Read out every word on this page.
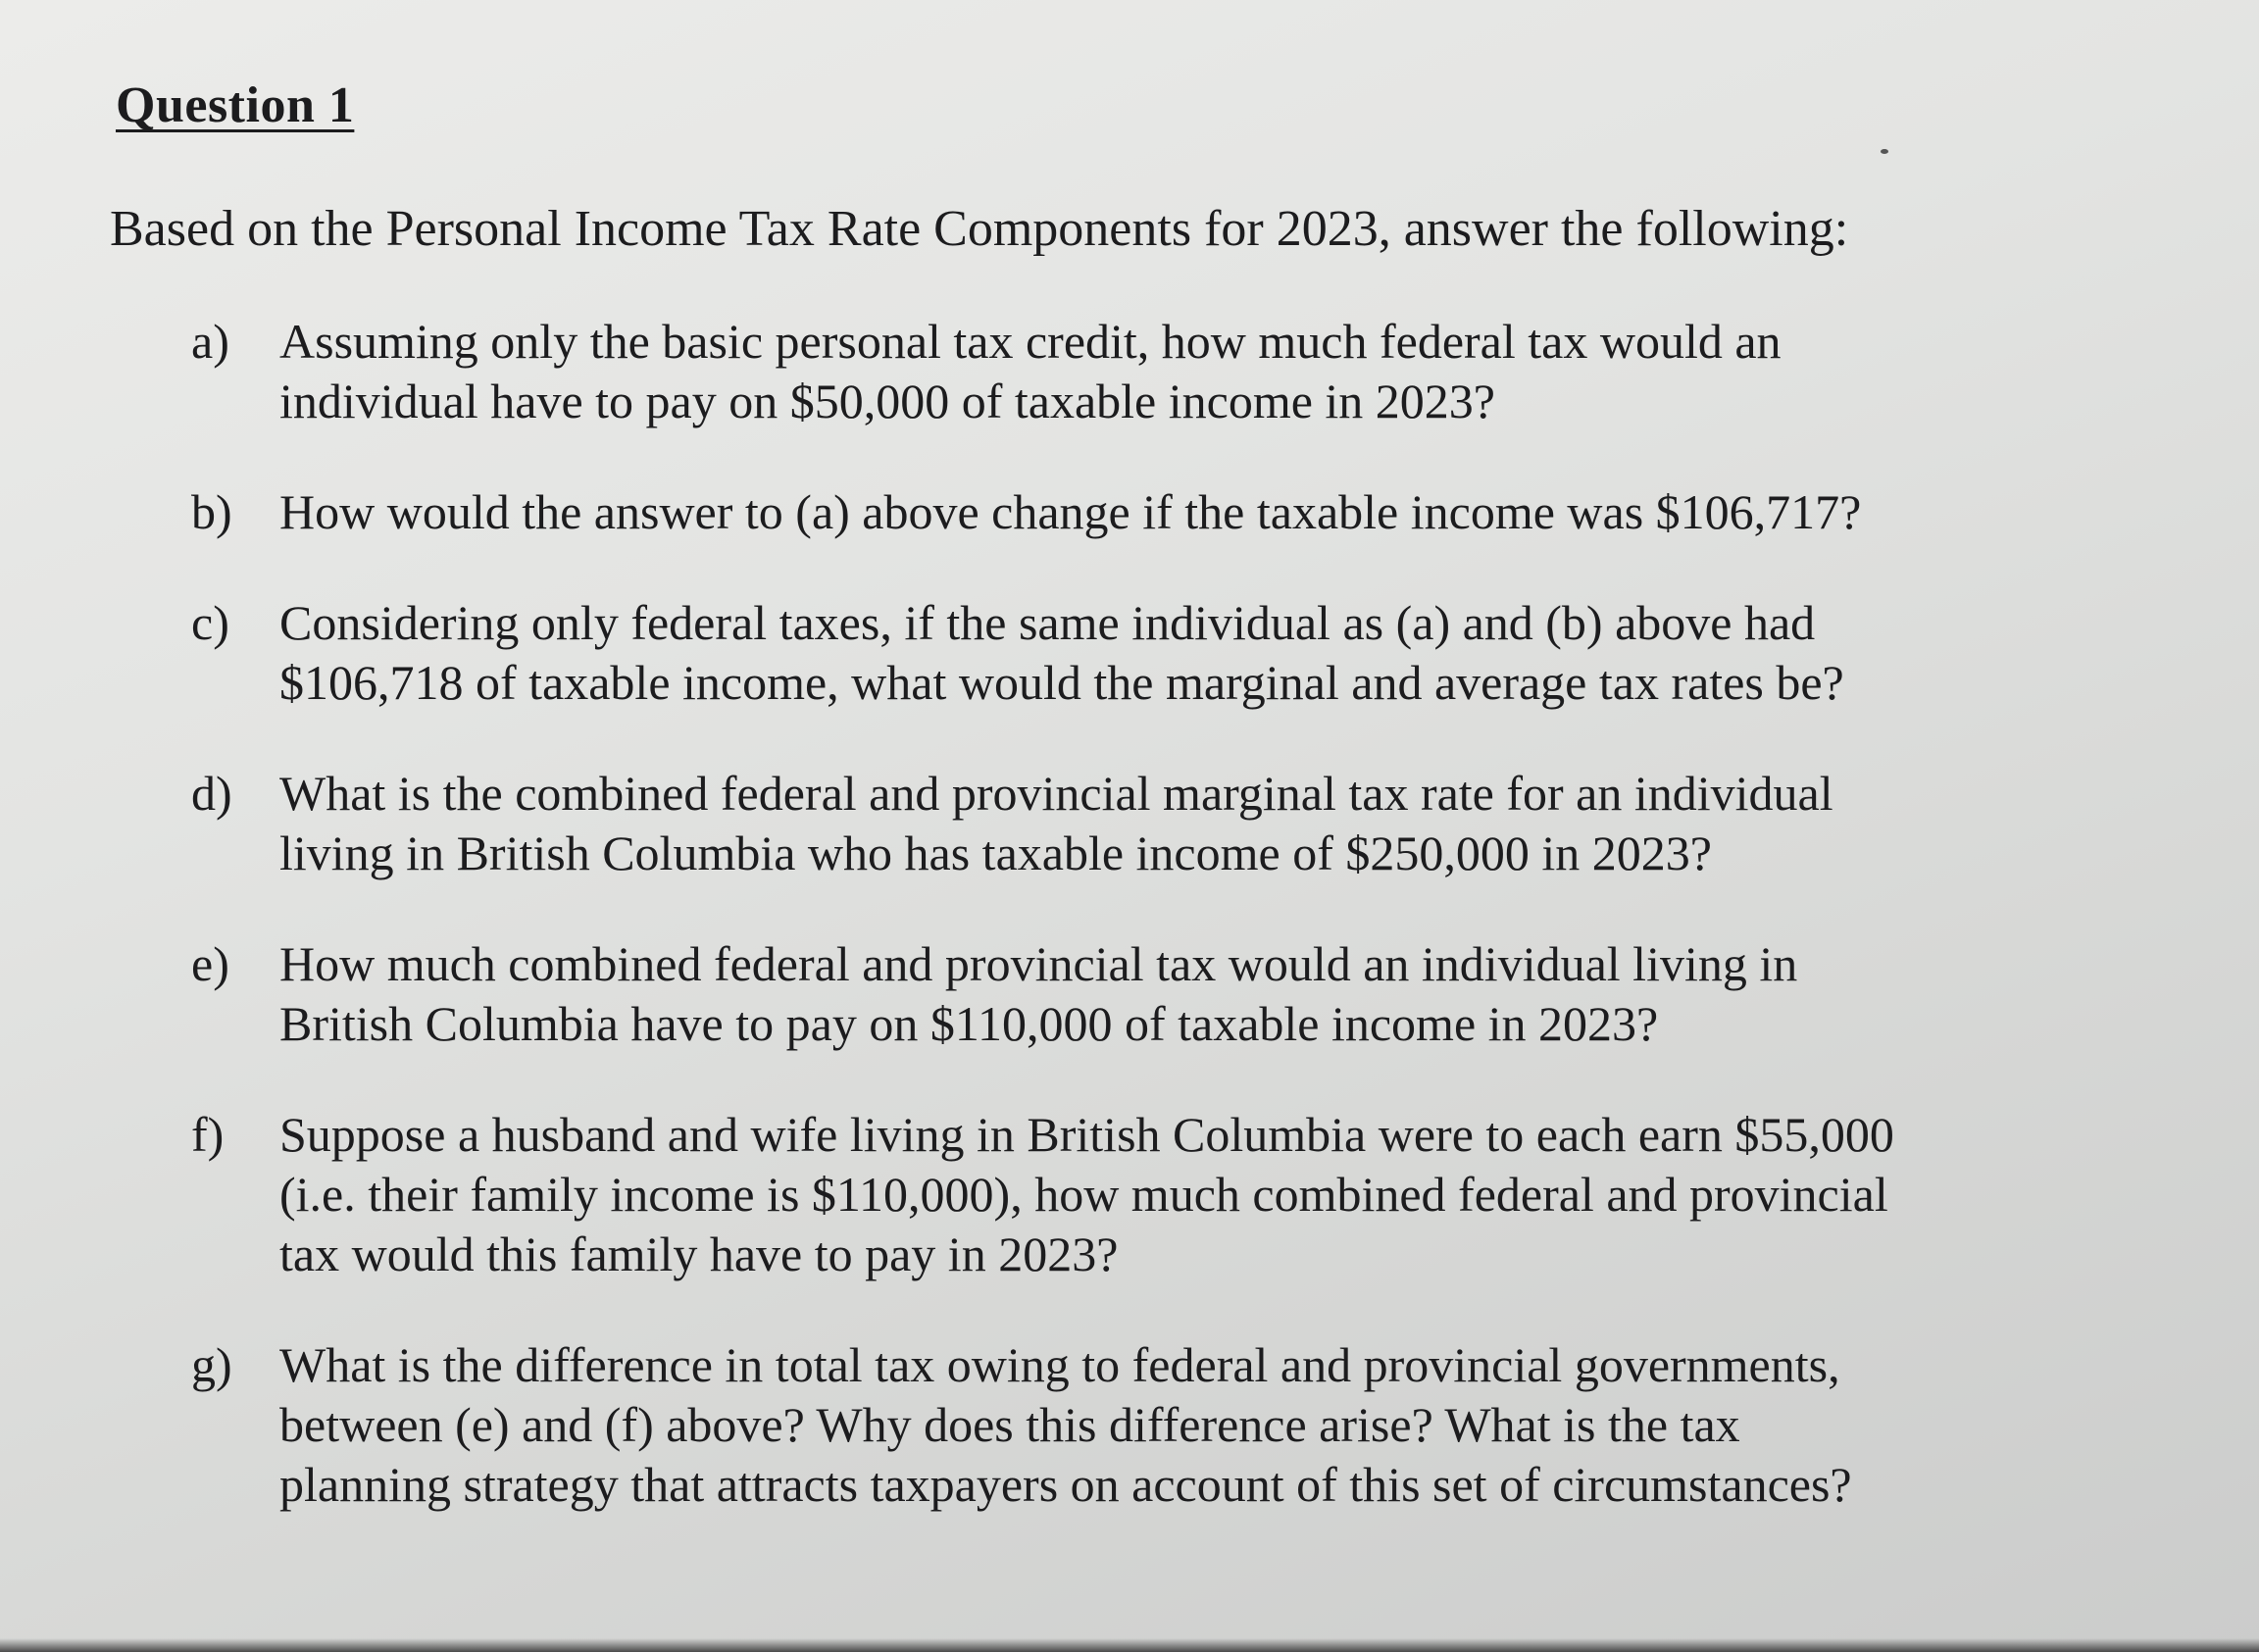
Question 1

Based on the Personal Income Tax Rate Components for 2023, answer the following:

a)	Assuming only the basic personal tax credit, how much federal tax would an
individual have to pay on $50,000 of taxable income in 2023?
b) How would the answer to (a) above change if the taxable income was $106,717?
c)	Considering only federal taxes, if the same individual as (a) and (b) above had
$106,718 of taxable income, what would the marginal and average tax rates be?
d) What is the combined federal and provincial marginal tax rate for an individual
living in British Columbia who has taxable income of $250,000 in 2023?
e)	How much combined federal and provincial tax would an individual living in
British Columbia have to pay on $110,000 of taxable income in 2023?
f)	Suppose a husband and wife living in British Columbia were to each earn $55,000
(i.e. their family income is $110,000), how much combined federal and provincial
tax would this family have to pay in 2023?
g) What is the difference in total tax owing to federal and provincial governments,
between (e) and (f) above? Why does this difference arise? What is the tax
planning strategy that attracts taxpayers on account of this set of circumstances?
